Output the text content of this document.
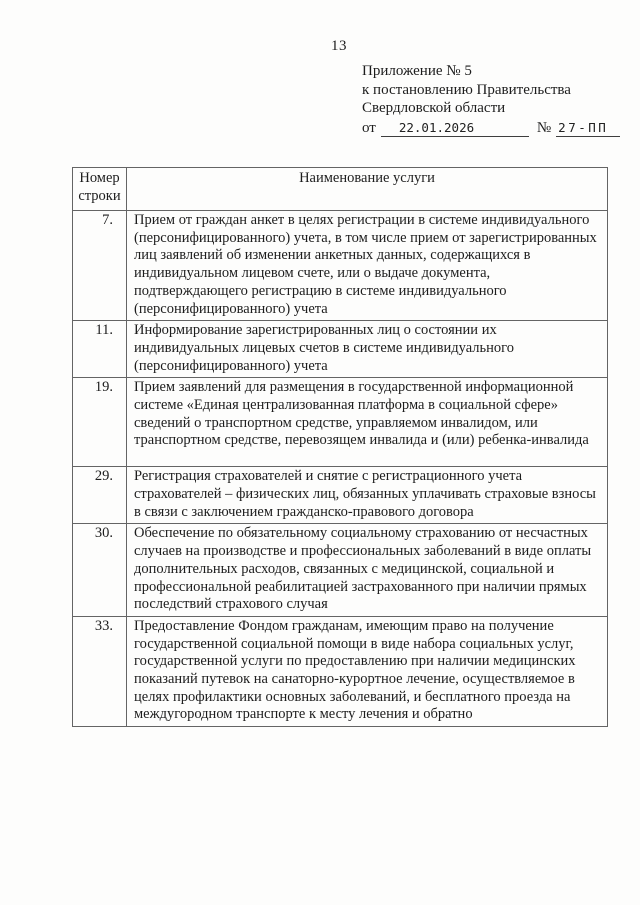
13
Приложение № 5
к постановлению Правительства
Свердловской области
от	22.01.2026	№ 27-ПП
Номер строки	Наименование услуги
7.	Прием от граждан анкет в целях регистрации в системе индивидуального (персонифицированного) учета, в том числе прием от зарегистрированных лиц заявлений об изменении анкетных данных, содержащихся в индивидуальном лицевом счете, или о выдаче документа, подтверждающего регистрацию в системе индивидуального (персонифицированного) учета
11.	Информирование зарегистрированных лиц о состоянии их индивидуальных лицевых счетов в системе индивидуального (персонифицированного) учета
19.	Прием заявлений для размещения в государственной информационной системе «Единая централизованная платформа в социальной сфере» сведений о транспортном средстве, управляемом инвалидом, или транспортном средстве, перевозящем инвалида и (или) ребенка-инвалида
29.	Регистрация страхователей и снятие с регистрационного учета страхователей – физических лиц, обязанных уплачивать страховые взносы в связи с заключением гражданско-правового договора
30.	Обеспечение по обязательному социальному страхованию от несчастных случаев на производстве и профессиональных заболеваний в виде оплаты дополнительных расходов, связанных с медицинской, социальной и профессиональной реабилитацией застрахованного при наличии прямых последствий страхового случая
33.	Предоставление Фондом гражданам, имеющим право на получение государственной социальной помощи в виде набора социальных услуг, государственной услуги по предоставлению при наличии медицинских показаний путевок на санаторно-курортное лечение, осуществляемое в целях профилактики основных заболеваний, и бесплатного проезда на междугородном транспорте к месту лечения и обратно
